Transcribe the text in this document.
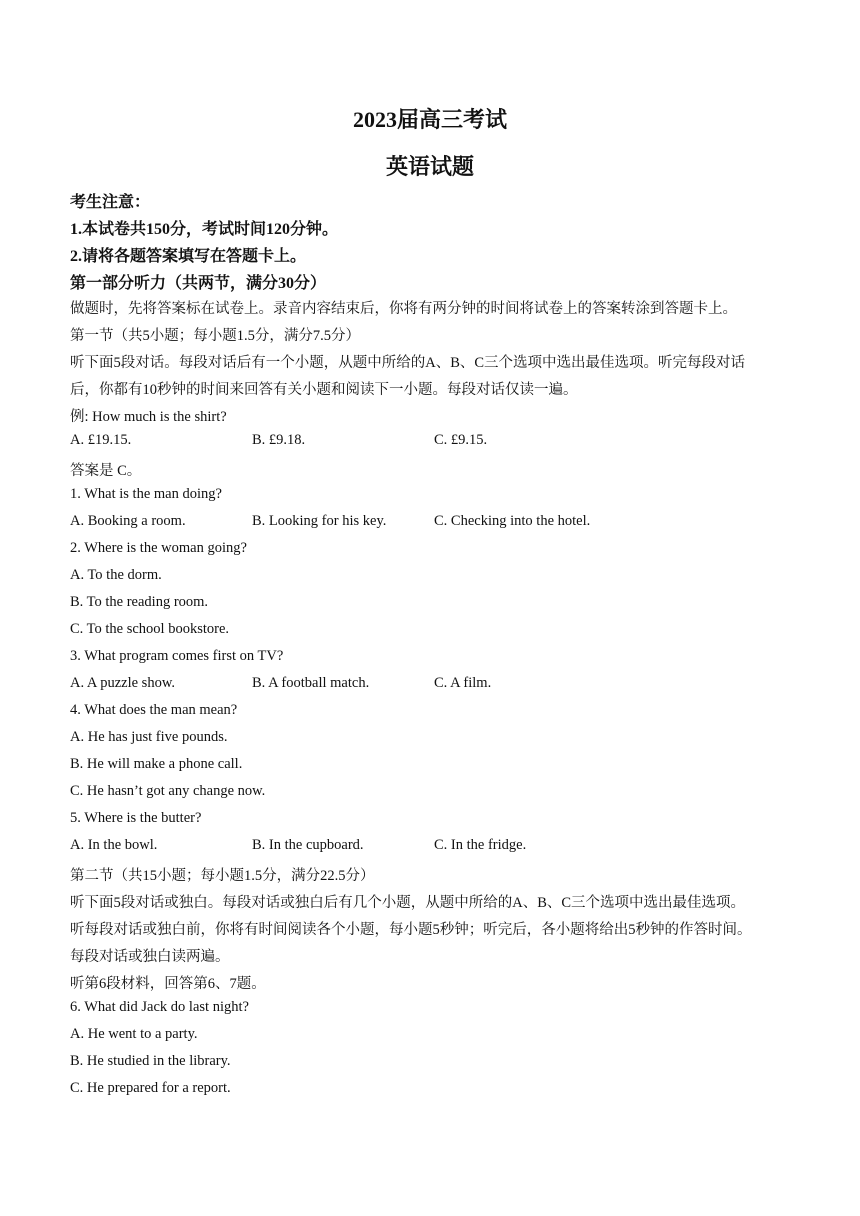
2023届高三考试
英语试题
考生注意：
1.本试卷共150分，考试时间120分钟。
2.请将各题答案填写在答题卡上。
第一部分听力（共两节，满分30分）
做题时，先将答案标在试卷上。录音内容结束后，你将有两分钟的时间将试卷上的答案转涂到答题卡上。
第一节（共5小题；每小题1.5分，满分7.5分）
听下面5段对话。每段对话后有一个小题，从题中所给的A、B、C三个选项中选出最佳选项。听完每段对话
后，你都有10秒钟的时间来回答有关小题和阅读下一小题。每段对话仅读一遍。
例: How much is the shirt?
A. £19.15.	B. £9.18.	C. £9.15.
答案是 C。
1. What is the man doing?
A. Booking a room.	B. Looking for his key.	C. Checking into the hotel.
2. Where is the woman going?
A. To the dorm.
B. To the reading room.
C. To the school bookstore.
3. What program comes first on TV?
A. A puzzle show.	B. A football match.	C. A film.
4. What does the man mean?
A. He has just five pounds.
B. He will make a phone call.
C. He hasn’t got any change now.
5. Where is the butter?
A. In the bowl.	B. In the cupboard.	C. In the fridge.
第二节（共15小题；每小题1.5分，满分22.5分）
听下面5段对话或独白。每段对话或独白后有几个小题，从题中所给的A、B、C三个选项中选出最佳选项。
听每段对话或独白前，你将有时间阅读各个小题，每小题5秒钟；听完后，各小题将给出5秒钟的作答时间。
每段对话或独白读两遍。
听第6段材料，回答第6、7题。
6. What did Jack do last night?
A. He went to a party.
B. He studied in the library.
C. He prepared for a report.
